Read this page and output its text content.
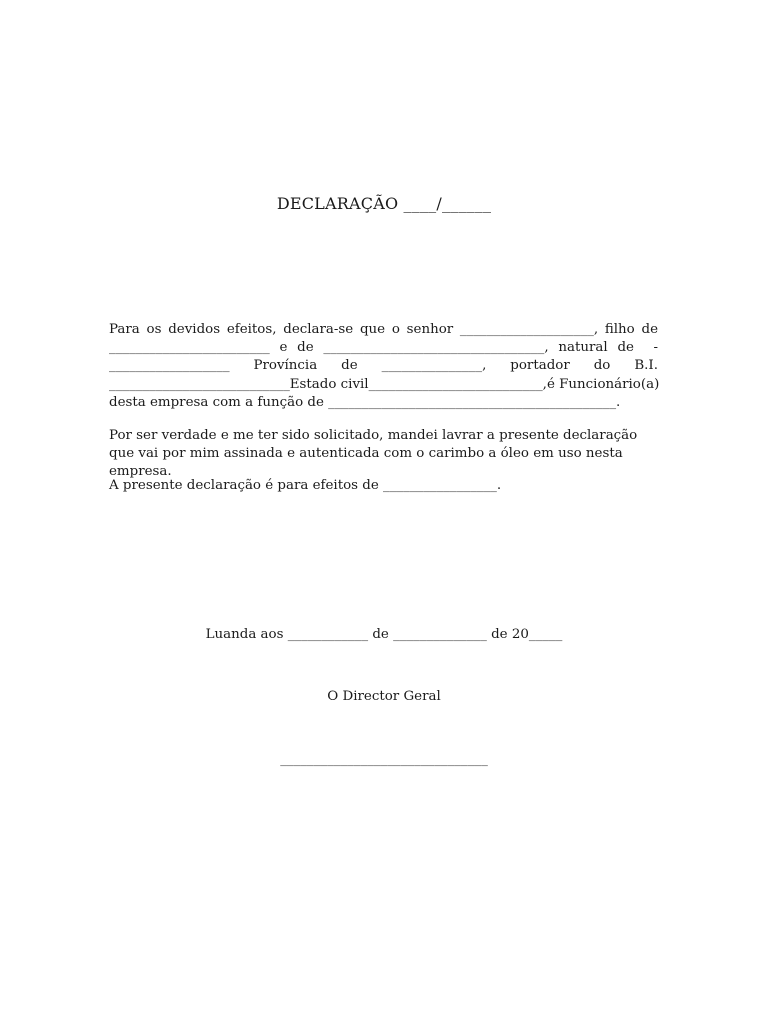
DECLARAÇÃO ____/______
Para os devidos efeitos, declara-se que o senhor ____________________, filho de
________________________ e de _________________________________, natural de -
__________________ Província de _______________, portador do B.I.
___________________________Estado civil __________________________, é Funcionário (a)
desta empresa com a função de
___________________________________________.

Por ser verdade e me ter sido solicitado, mandei lavrar a presente declaração que vai por mim assinada e autenticada com o carimbo a óleo em uso nesta empresa.

A presente declaração é para efeitos de _________________.

Luanda aos ____________ de ______________ de 20_____
O Director Geral
_______________________________
